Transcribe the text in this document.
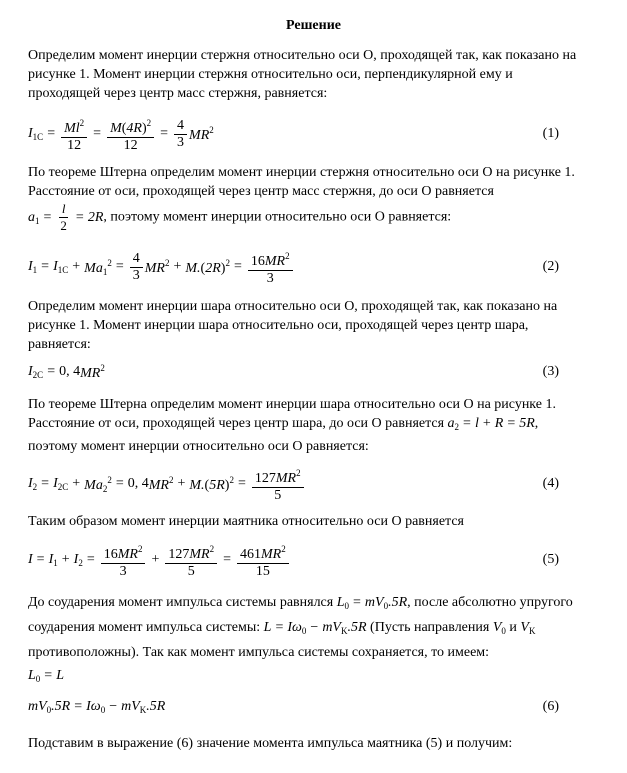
Решение

Определим момент инерции стержня относительно оси О, проходящей так, как показано на рисунке 1. Момент инерции стержня относительно оси, перпендикулярной ему и проходящей через центр масс стержня, равняется:

$I_{1C} = \frac{Ml^2}{12} = \frac{M(4R)^2}{12} = \frac{4}{3} MR^2$	(1)
По теореме Штерна определим момент инерции стержня относительно оси О на рисунке 1. Расстояние от оси, проходящей через центр масс стержня, до оси О равняется
$a_1 = \frac{l}{2} = 2R$, поэтому момент инерции относительно оси О равняется:
$I_1 = I_{1C} + Ma_1^2 = \frac{4}{3} MR^2 + M.(2R)^2 = \frac{16MR^2}{3}$	(2)

Определим момент инерции шара относительно оси О, проходящей так, как показано на рисунке 1. Момент инерции шара относительно оси, проходящей через центр шара, равняется:

$I_{2C} = 0$, 4 $MR^2$	(3)
По теореме Штерна определим момент инерции шара относительно оси О на рисунке 1. Расстояние от оси, проходящей через центр шара, до оси О равняется $a_2 = l + R = 5R$,
поэтому момент инерции относительно оси О равняется:
$I_2 = I_{2C} + Ma_2^2 = 0$, 4 $MR^2 + M.(5R)^2 = \frac{127MR^2}{5}$	(4)

Таким образом момент инерции маятника относительно оси О равняется

$I = I_1 + I_2 = \frac{16MR^2}{3} + \frac{127MR^2}{5} = \frac{461MR^2}{15}$	(5)
До соударения момент импульса системы равнялся $L_0 = mV_0.5R$, после абсолютно упругого соударения момент импульса системы: $L = I\omega_0 - mV_K.5R$ (Пусть направления $V_0$ и $V_K$ противоположны). Так как момент импульса системы сохраняется, то имеем:
$L_0 = L$
$mV_0.5R = I\omega_0 - mV_K.5R$	(6)

Подставим в выражение (6) значение момента импульса маятника (5) и получим:
